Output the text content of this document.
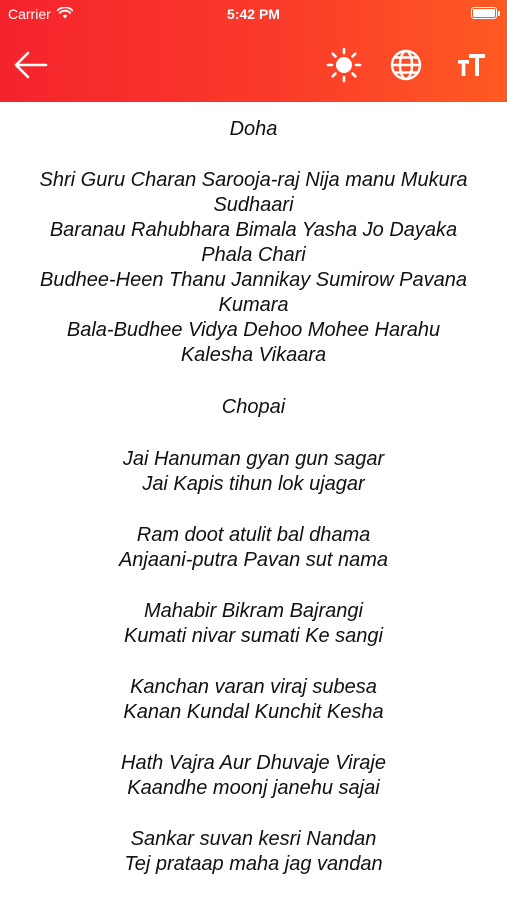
Carrier	5:42 PM
Doha
Shri Guru Charan Sarooja-raj Nija manu Mukura
Sudhaari
Baranau Rahubhara Bimala Yasha Jo Dayaka
Phala Chari
Budhee-Heen Thanu Jannikay Sumirow Pavana
Kumara
Bala-Budhee Vidya Dehoo Mohee Harahu
Kalesha Vikaara
Chopai
Jai Hanuman gyan gun sagar
Jai Kapis tihun lok ujagar
Ram doot atulit bal dhama
Anjaani-putra Pavan sut nama
Mahabir Bikram Bajrangi
Kumati nivar sumati Ke sangi
Kanchan varan viraj subesa
Kanan Kundal Kunchit Kesha
Hath Vajra Aur Dhuvaje Viraje
Kaandhe moonj janehu sajai
Sankar suvan kesri Nandan
Tej prataap maha jag vandan
